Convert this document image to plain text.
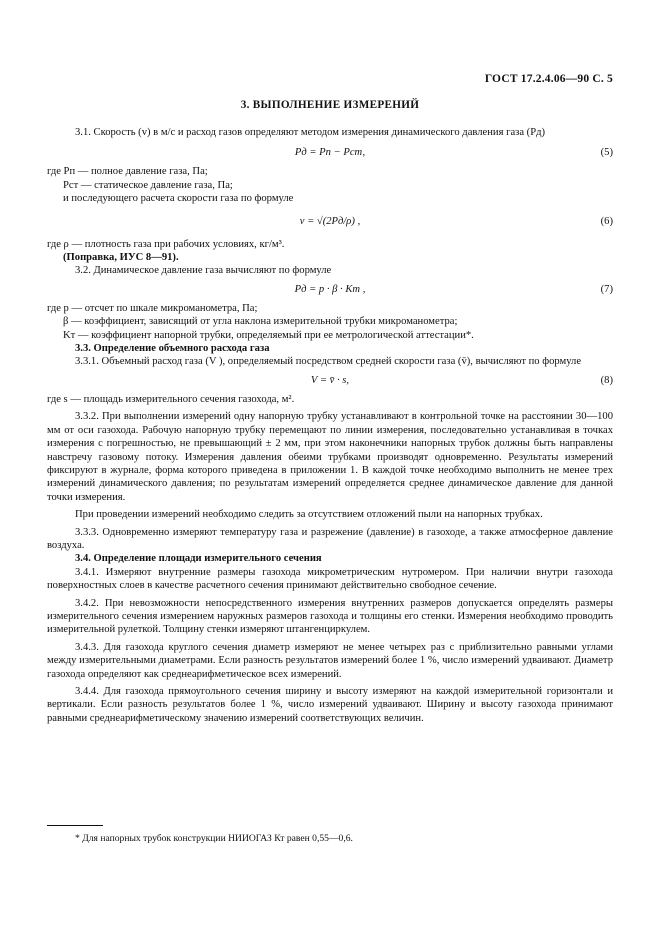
ГОСТ 17.2.4.06—90 С. 5
3. ВЫПОЛНЕНИЕ ИЗМЕРЕНИЙ

3.1. Скорость (v) в м/с и расход газов определяют методом измерения динамического давления газа (Pд)

Pд = Pп − Pст,	(5)

где Pп — полное давление газа, Па;

Pст — статическое давление газа, Па;

и последующего расчета скорости газа по формуле

v = √(2Pд/ρ) ,	(6)

где ρ — плотность газа при рабочих условиях, кг/м³.

(Поправка, ИУС 8—91).

3.2. Динамическое давление газа вычисляют по формуле

Pд = p · β · Kт ,	(7)

где p — отсчет по шкале микроманометра, Па;

β — коэффициент, зависящий от угла наклона измерительной трубки микроманометра;

Kт — коэффициент напорной трубки, определяемый при ее метрологической аттестации*.

3.3. Определение объемного расхода газа

3.3.1. Объемный расход газа (V ), определяемый посредством средней скорости газа (v̄), вычисляют по формуле

V = v̄ · s,	(8)

где s — площадь измерительного сечения газохода, м².

3.3.2. При выполнении измерений одну напорную трубку устанавливают в контрольной точке на расстоянии 30—100 мм от оси газохода. Рабочую напорную трубку перемещают по линии измерения, последовательно устанавливая в точках измерения с погрешностью, не превышающий ± 2 мм, при этом наконечники напорных трубок должны быть направлены навстречу газовому потоку. Измерения давления обеими трубками производят одновременно. Результаты измерений фиксируют в журнале, форма которого приведена в приложении 1. В каждой точке необходимо выполнить не менее трех измерений динамического давления; по результатам измерений определяется среднее динамическое давление для данной точки измерения.

При проведении измерений необходимо следить за отсутствием отложений пыли на напорных трубках.

3.3.3. Одновременно измеряют температуру газа и разрежение (давление) в газоходе, а также атмосферное давление воздуха.

3.4. Определение площади измерительного сечения

3.4.1. Измеряют внутренние размеры газохода микрометрическим нутромером. При наличии внутри газохода поверхностных слоев в качестве расчетного сечения принимают действительно свободное сечение.

3.4.2. При невозможности непосредственного измерения внутренних размеров допускается определять размеры измерительного сечения измерением наружных размеров газохода и толщины его стенки. Измерения необходимо проводить измерительной рулеткой. Толщину стенки измеряют штангенциркулем.

3.4.3. Для газохода круглого сечения диаметр измеряют не менее четырех раз с приблизительно равными углами между измерительными диаметрами. Если разность результатов измерений более 1 %, число измерений удваивают. Диаметр газохода определяют как среднеарифметическое всех измерений.

3.4.4. Для газохода прямоугольного сечения ширину и высоту измеряют на каждой измерительной горизонтали и вертикали. Если разность результатов более 1 %, число измерений удваивают. Ширину и высоту газохода принимают равными среднеарифметическому значению измерений соответствующих величин.

* Для напорных трубок конструкции НИИОГАЗ Кт равен 0,55—0,6.
